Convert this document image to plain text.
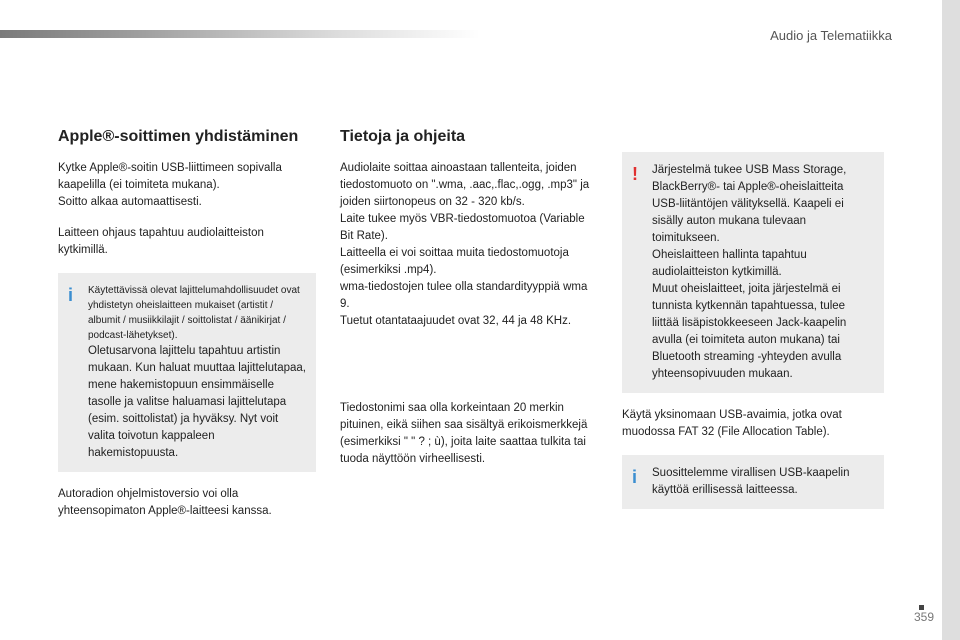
Audio ja Telematiikka
Apple®-soittimen yhdistäminen

Kytke Apple®-soitin USB-liittimeen sopivalla kaapelilla (ei toimiteta mukana).

Soitto alkaa automaattisesti.

Laitteen ohjaus tapahtuu audiolaitteiston kytkimillä.

i Käytettävissä olevat lajittelumahdollisuudet ovat yhdistetyn oheislaitteen mukaiset (artistit / albumit / musiikkilajit / soittolistat / äänikirjat / podcast-lähetykset).

Oletusarvona lajittelu tapahtuu artistin mukaan. Kun haluat muuttaa lajittelutapaa, mene hakemistopuun ensimmäiselle tasolle ja valitse haluamasi lajittelutapa (esim. soittolistat) ja hyväksy. Nyt voit valita toivotun kappaleen hakemistopuusta.

Autoradion ohjelmistoversio voi olla yhteensopimaton Apple®-laitteesi kanssa.

Tietoja ja ohjeita

Audiolaite soittaa ainoastaan tallenteita, joiden tiedostomuoto on ".wma, .aac,.flac,.ogg, .mp3" ja joiden siirtonopeus on 32 - 320 kb/s.

Laite tukee myös VBR-tiedostomuotoa (Variable Bit Rate).

Laitteella ei voi soittaa muita tiedostomuotoja (esimerkiksi .mp4).

wma-tiedostojen tulee olla standardityyppiä wma 9.

Tuetut otantataajuudet ovat 32, 44 ja 48 KHz.

Tiedostonimi saa olla korkeintaan 20 merkin pituinen, eikä siihen saa sisältyä erikoismerkkejä (esimerkiksi " " ? ; ù), joita laite saattaa tulkita tai tuoda näyttöön virheellisesti.

! Järjestelmä tukee USB Mass Storage, BlackBerry®- tai Apple®-oheislaitteita USB-liitäntöjen välityksellä. Kaapeli ei sisälly auton mukana tulevaan toimitukseen.

Oheislaitteen hallinta tapahtuu audiolaitteiston kytkimillä.

Muut oheislaitteet, joita järjestelmä ei tunnista kytkennän tapahtuessa, tulee liittää lisäpistokkeeseen Jack-kaapelin avulla (ei toimiteta auton mukana) tai Bluetooth streaming -yhteyden avulla yhteensopivuuden mukaan.

Käytä yksinomaan USB-avaimia, jotka ovat muodossa FAT 32 (File Allocation Table).

i Suosittelemme virallisen USB-kaapelin käyttöä erillisessä laitteessa.

359
